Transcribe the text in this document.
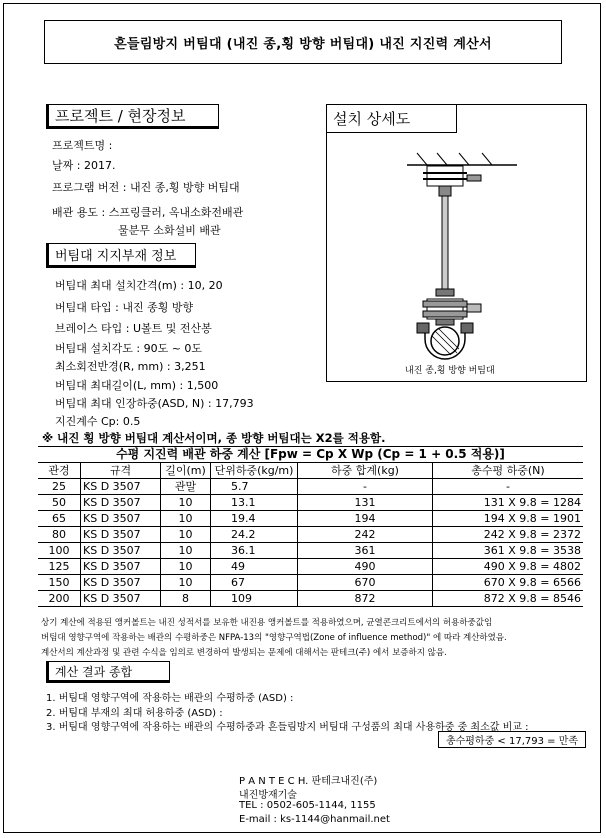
흔들림방지 버팀대 (내진 종,횡 방향 버팀대) 내진 지진력 계산서
프로젝트 / 현장정보
프로젝트명 :
날짜 : 2017.
프로그램 버전 : 내진 종,횡 방향 버팀대
배관 용도 : 스프링클러, 옥내소화전배관
물분무 소화설비 배관
버팀대 지지부재 정보
버팀대 최대 설치간격(m) : 10, 20
버팀대 타입 : 내진 종횡 방향
브레이스 타입 : U볼트 및 전산봉
버팀대 설치각도 : 90도 ~ 0도
최소회전반경(R, mm) : 3,251
버팀대 최대길이(L, mm) : 1,500
버팀대 최대 인장하중(ASD, N) : 17,793
지진계수 Cp: 0.5
설치 상세도
내진 종,횡 방향 버팀대
※ 내진 횡 방향 버팀대 계산서이며, 종 방향 버팀대는 X2를 적용함.
수평 지진력 배관 하중 계산 [Fpw = Cp X Wp (Cp = 1 + 0.5 적용)]					
관경	규격	길이(m)	단위하중(kg/m)	하중 합계(kg)	총수평 하중(N)
25	KS D 3507	관말	5.7	-	-
50	KS D 3507	10	13.1	131	131 X 9.8 = 1284
65	KS D 3507	10	19.4	194	194 X 9.8 = 1901
80	KS D 3507	10	24.2	242	242 X 9.8 = 2372
100	KS D 3507	10	36.1	361	361 X 9.8 = 3538
125	KS D 3507	10	49	490	490 X 9.8 = 4802
150	KS D 3507	10	67	670	670 X 9.8 = 6566
200	KS D 3507	8	109	872	872 X 9.8 = 8546
상기 계산에 적용된 앵커볼트는 내진 성적서를 보유한 내진용 앵커볼트를 적용하였으며, 균열콘크리트에서의 허용하중값임
버팀대 영향구역에 작용하는 배관의 수평하중은 NFPA-13의 "영향구역법(Zone of influence method)" 에 따라 계산하였음.
계산서의 계산과정 및 관련 수식을 임의로 변경하여 발생되는 문제에 대해서는 판테크(주) 에서 보증하지 않음.
계산 결과 종합
1. 버팀대 영향구역에 작용하는 배관의 수평하중 (ASD) :
2. 버팀대 부재의 최대 허용하중 (ASD) :
3. 버팀대 영향구역에 작용하는 배관의 수평하중과 흔들림방지 버팀대 구성품의 최대 사용하중 중 최소값 비교 :
총수평하중 < 17,793 = 만족
P A N T E C H. 판테크내진(주)
내진방재기술
TEL : 0502-605-1144, 1155
E-mail : ks-1144@hanmail.net
